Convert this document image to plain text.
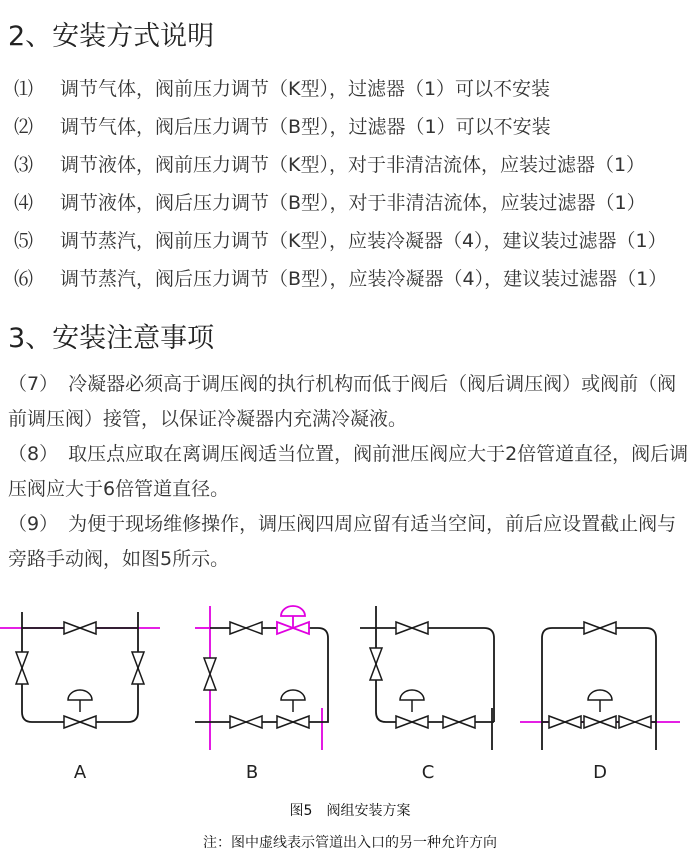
2、安装方式说明
⑴ 调节气体，阀前压力调节（K型），过滤器（1）可以不安装
⑵ 调节气体，阀后压力调节（B型），过滤器（1）可以不安装
⑶ 调节液体，阀前压力调节（K型），对于非清洁流体，应装过滤器（1）
⑷ 调节液体，阀后压力调节（B型），对于非清洁流体，应装过滤器（1）
⑸ 调节蒸汽，阀前压力调节（K型），应装冷凝器（4），建议装过滤器（1）
⑹ 调节蒸汽，阀后压力调节（B型），应装冷凝器（4），建议装过滤器（1）
3、安装注意事项

（7） 冷凝器必须高于调压阀的执行机构而低于阀后（阀后调压阀）或阀前（阀前调压阀）接管，以保证冷凝器内充满冷凝液。

（8） 取压点应取在离调压阀适当位置，阀前泄压阀应大于2倍管道直径，阀后调压阀应大于6倍管道直径。

（9） 为便于现场维修操作，调压阀四周应留有适当空间，前后应设置截止阀与旁路手动阀，如图5所示。

A	B	C	D
图5　阀组安装方案
注：图中虚线表示管道出入口的另一种允许方向
